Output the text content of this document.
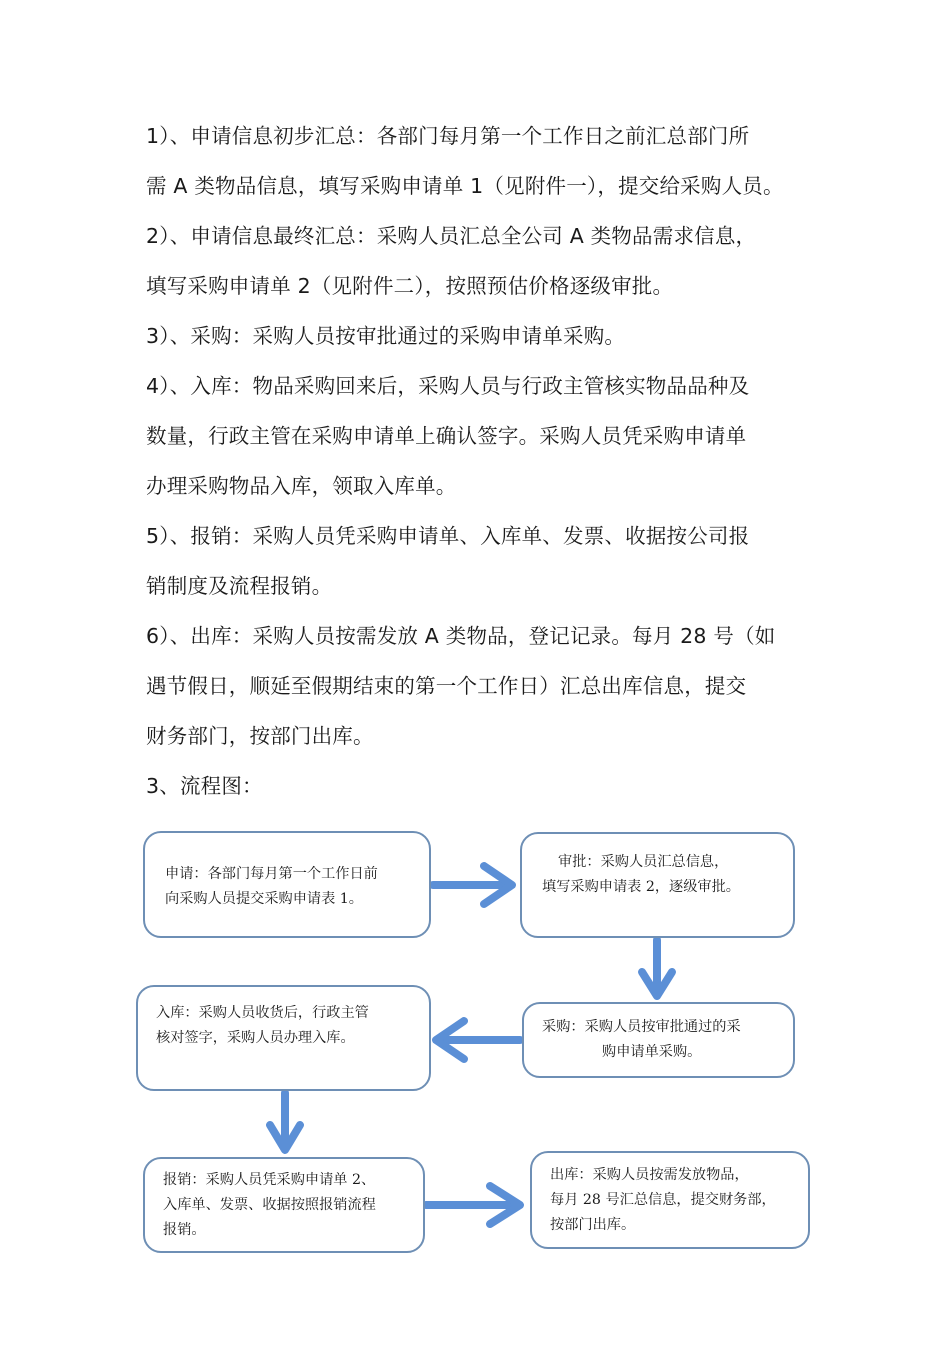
1）、申请信息初步汇总：各部门每月第一个工作日之前汇总部门所
需 A 类物品信息，填写采购申请单 1（见附件一），提交给采购人员。
2）、申请信息最终汇总：采购人员汇总全公司 A 类物品需求信息，
填写采购申请单 2（见附件二），按照预估价格逐级审批。
3）、采购：采购人员按审批通过的采购申请单采购。
4）、入库：物品采购回来后，采购人员与行政主管核实物品品种及
数量，行政主管在采购申请单上确认签字。采购人员凭采购申请单
办理采购物品入库，领取入库单。
5）、报销：采购人员凭采购申请单、入库单、发票、收据按公司报
销制度及流程报销。
6）、出库：采购人员按需发放 A 类物品，登记记录。每月 28 号（如
遇节假日，顺延至假期结束的第一个工作日）汇总出库信息，提交
财务部门，按部门出库。
3、流程图：
申请：各部门每月第一个工作日前
向采购人员提交采购申请表 1。
审批：采购人员汇总信息，
填写采购申请表 2，逐级审批。
采购：采购人员按审批通过的采
购申请单采购。
入库：采购人员收货后，行政主管
核对签字，采购人员办理入库。
报销：采购人员凭采购申请单 2、
入库单、发票、收据按照报销流程
报销。
出库：采购人员按需发放物品，
每月 28 号汇总信息，提交财务部，
按部门出库。
